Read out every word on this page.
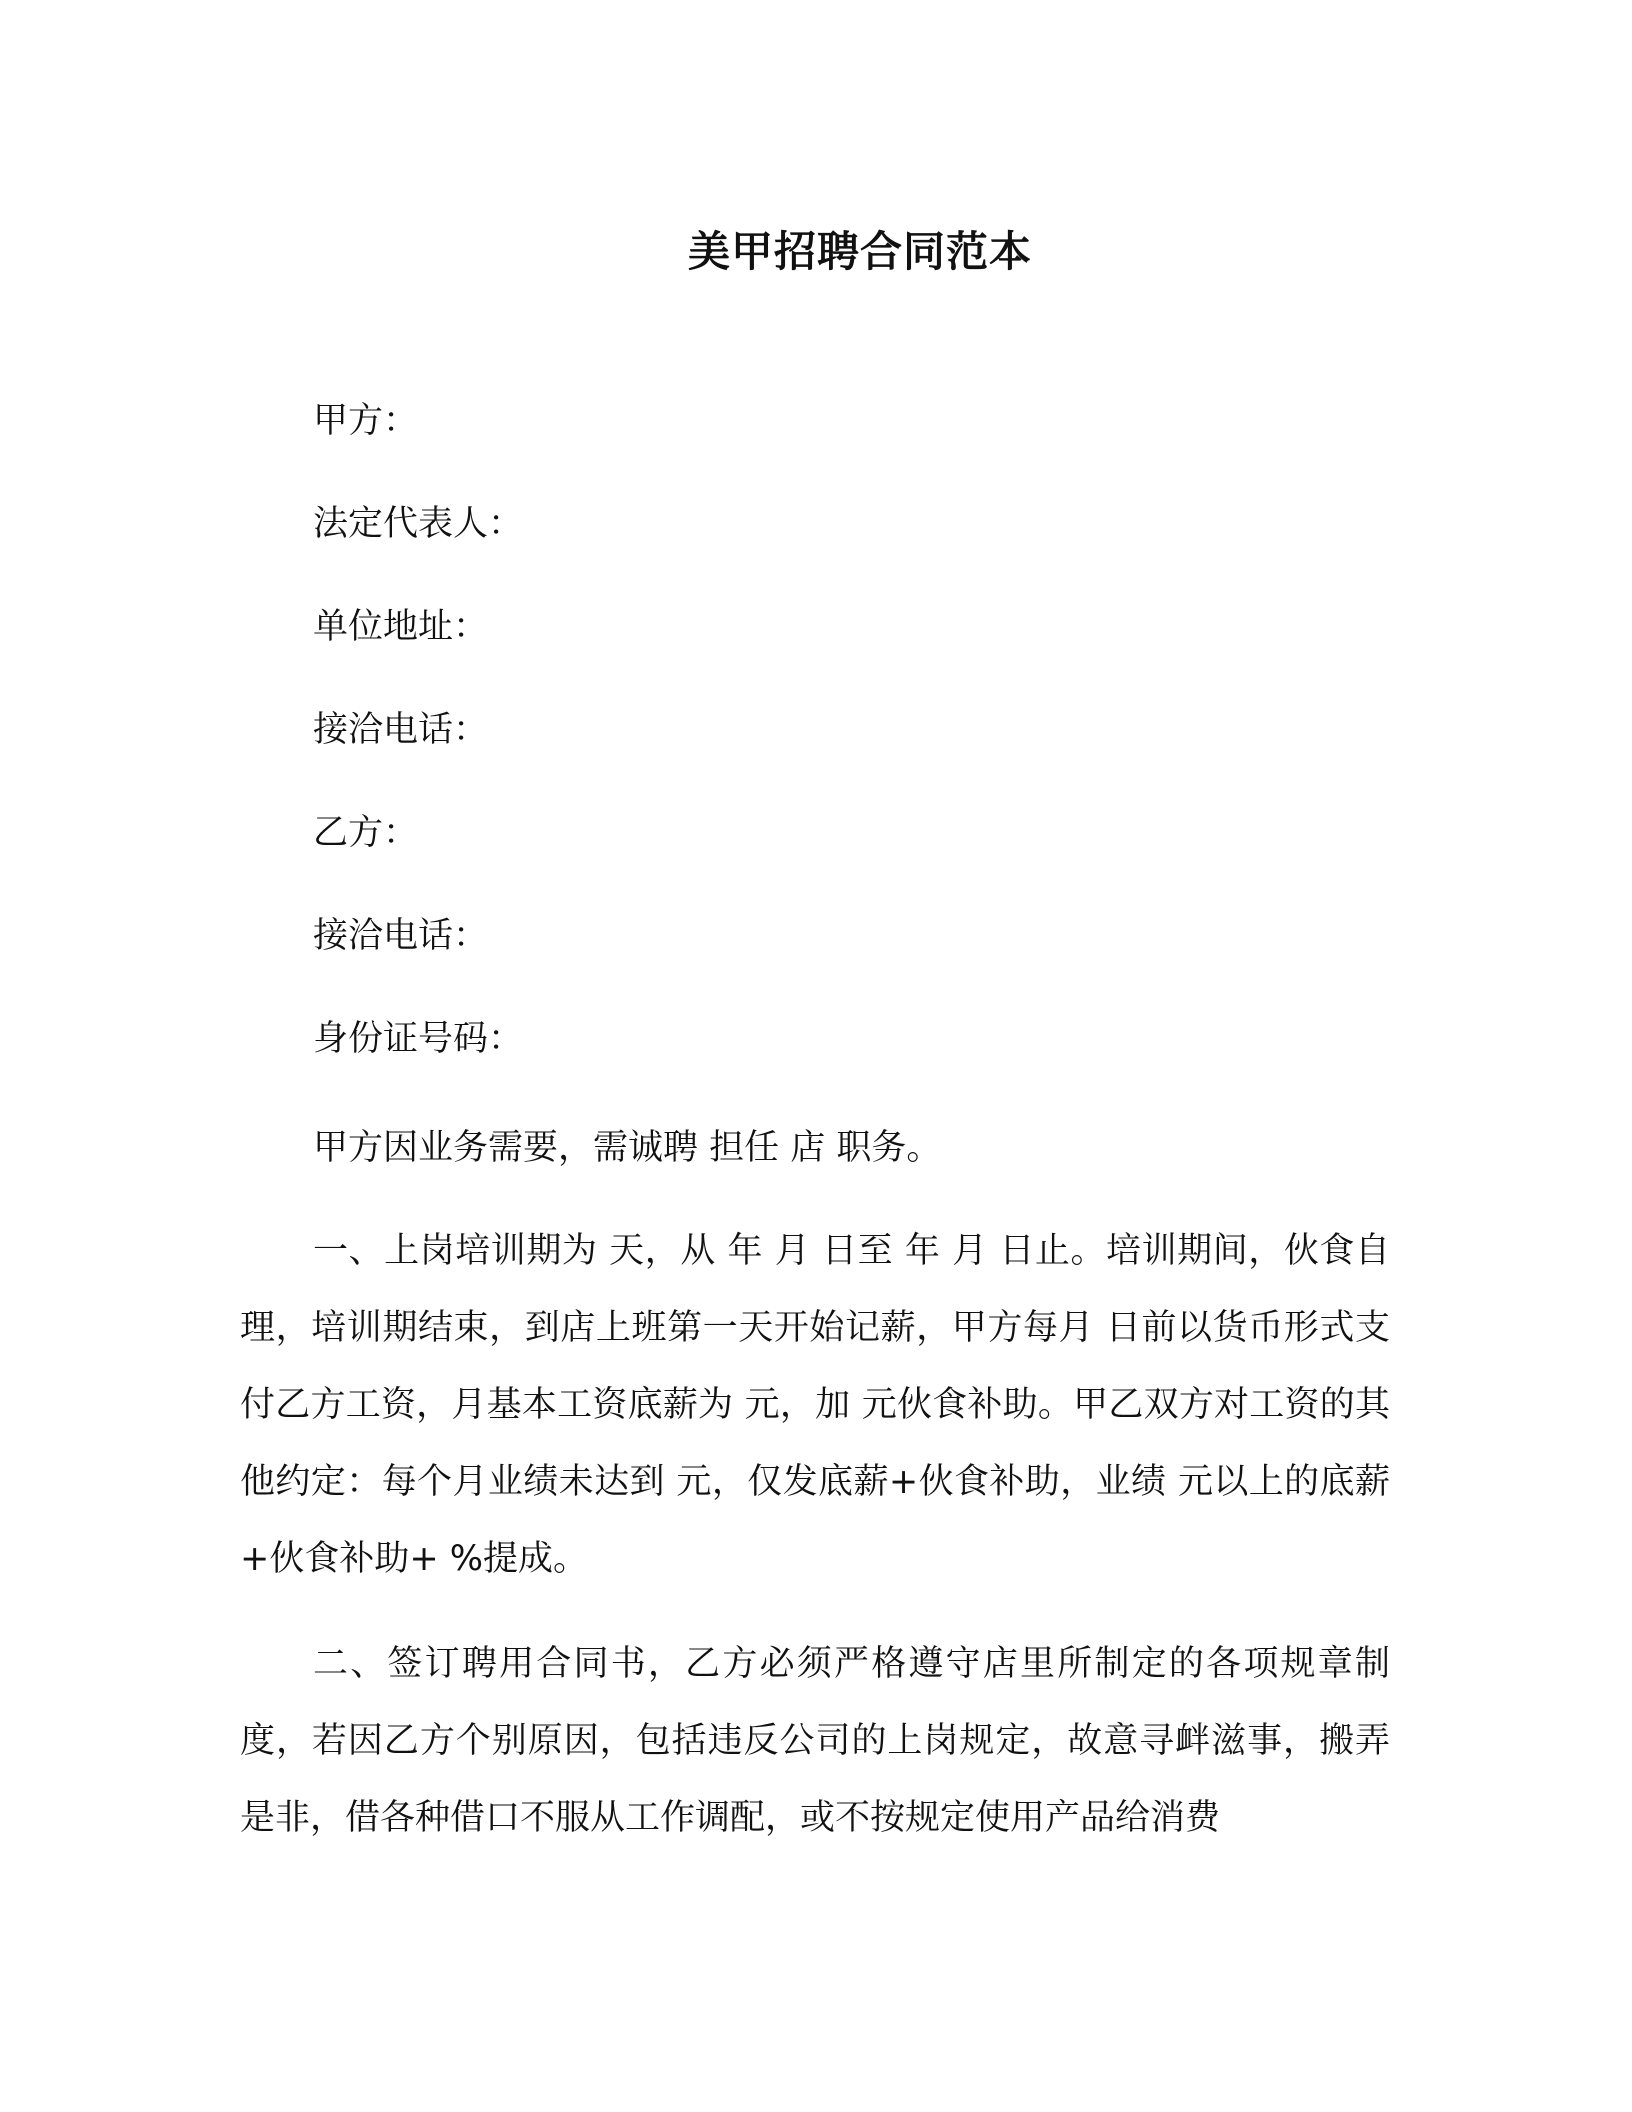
美甲招聘合同范本
甲方：
法定代表人：
单位地址：
接洽电话：
乙方：
接洽电话：
身份证号码：

甲方因业务需要，需诚聘 担任 店 职务。

一、上岗培训期为 天，从 年 月 日至 年 月 日止。培训期间，伙食自理，培训期结束，到店上班第一天开始记薪，甲方每月 日前以货币形式支付乙方工资，月基本工资底薪为 元，加 元伙食补助。甲乙双方对工资的其他约定：每个月业绩未达到 元，仅发底薪+伙食补助，业绩 元以上的底薪+伙食补助+ %提成。

二、签订聘用合同书，乙方必须严格遵守店里所制定的各项规章制度，若因乙方个别原因，包括违反公司的上岗规定，故意寻衅滋事，搬弄是非，借各种借口不服从工作调配，或不按规定使用产品给消费
